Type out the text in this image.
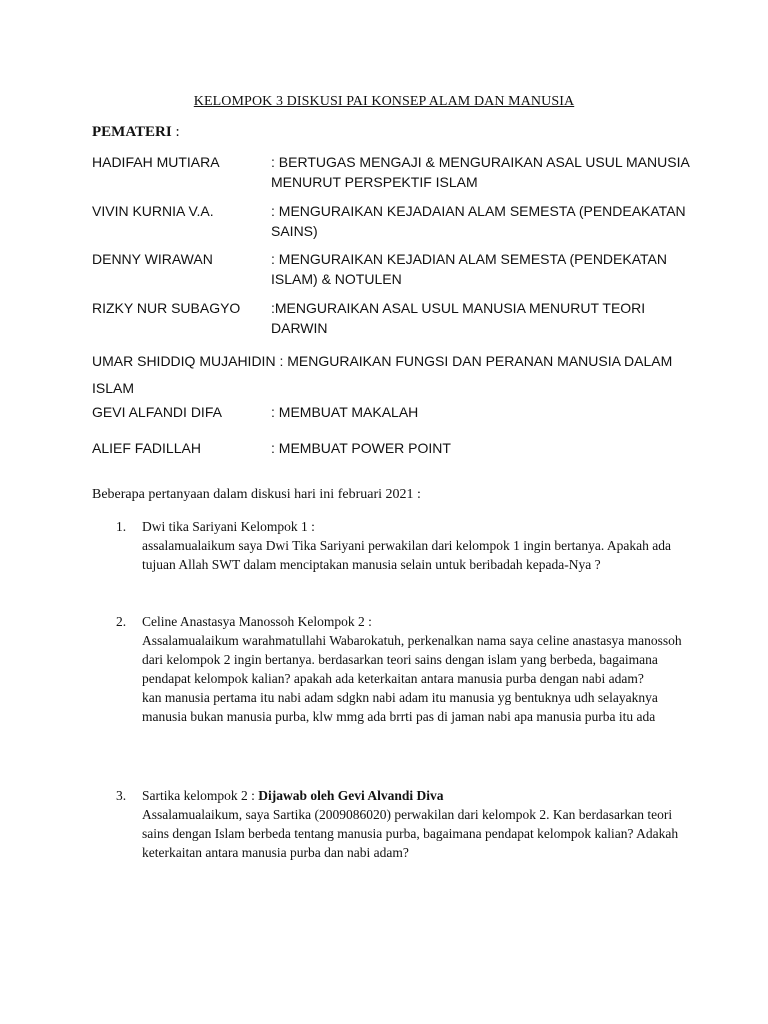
KELOMPOK 3 DISKUSI PAI KONSEP ALAM DAN MANUSIA
PEMATERI :
HADIFAH MUTIARA	: BERTUGAS MENGAJI & MENGURAIKAN ASAL USUL MANUSIA MENURUT PERSPEKTIF ISLAM
VIVIN KURNIA V.A.	: MENGURAIKAN KEJADAIAN ALAM SEMESTA (PENDEAKATAN SAINS)
DENNY WIRAWAN	: MENGURAIKAN KEJADIAN ALAM SEMESTA (PENDEKATAN ISLAM) & NOTULEN
RIZKY NUR SUBAGYO :MENGURAIKAN ASAL USUL MANUSIA MENURUT TEORI DARWIN
UMAR SHIDDIQ MUJAHIDIN : MENGURAIKAN FUNGSI DAN PERANAN MANUSIA DALAM ISLAM
GEVI ALFANDI DIFA	: MEMBUAT MAKALAH
ALIEF FADILLAH	: MEMBUAT POWER POINT
Beberapa pertanyaan dalam diskusi hari ini februari 2021 :
1. Dwi tika Sariyani Kelompok 1 :
assalamualaikum saya Dwi Tika Sariyani perwakilan dari kelompok 1 ingin bertanya. Apakah ada tujuan Allah SWT dalam menciptakan manusia selain untuk beribadah kepada-Nya ?
2. Celine Anastasya Manossoh Kelompok 2 :
Assalamualaikum warahmatullahi Wabarokatuh, perkenalkan nama saya celine anastasya manossoh dari kelompok 2 ingin bertanya. berdasarkan teori sains dengan islam yang berbeda, bagaimana pendapat kelompok kalian? apakah ada keterkaitan antara manusia purba dengan nabi adam?
kan manusia pertama itu nabi adam sdgkn nabi adam itu manusia yg bentuknya udh selayaknya manusia bukan manusia purba, klw mmg ada brrti pas di jaman nabi apa manusia purba itu ada
3. Sartika kelompok 2 : Dijawab oleh Gevi Alvandi Diva
Assalamualaikum, saya Sartika (2009086020) perwakilan dari kelompok 2. Kan berdasarkan teori sains dengan Islam berbeda tentang manusia purba, bagaimana pendapat kelompok kalian? Adakah keterkaitan antara manusia purba dan nabi adam?
